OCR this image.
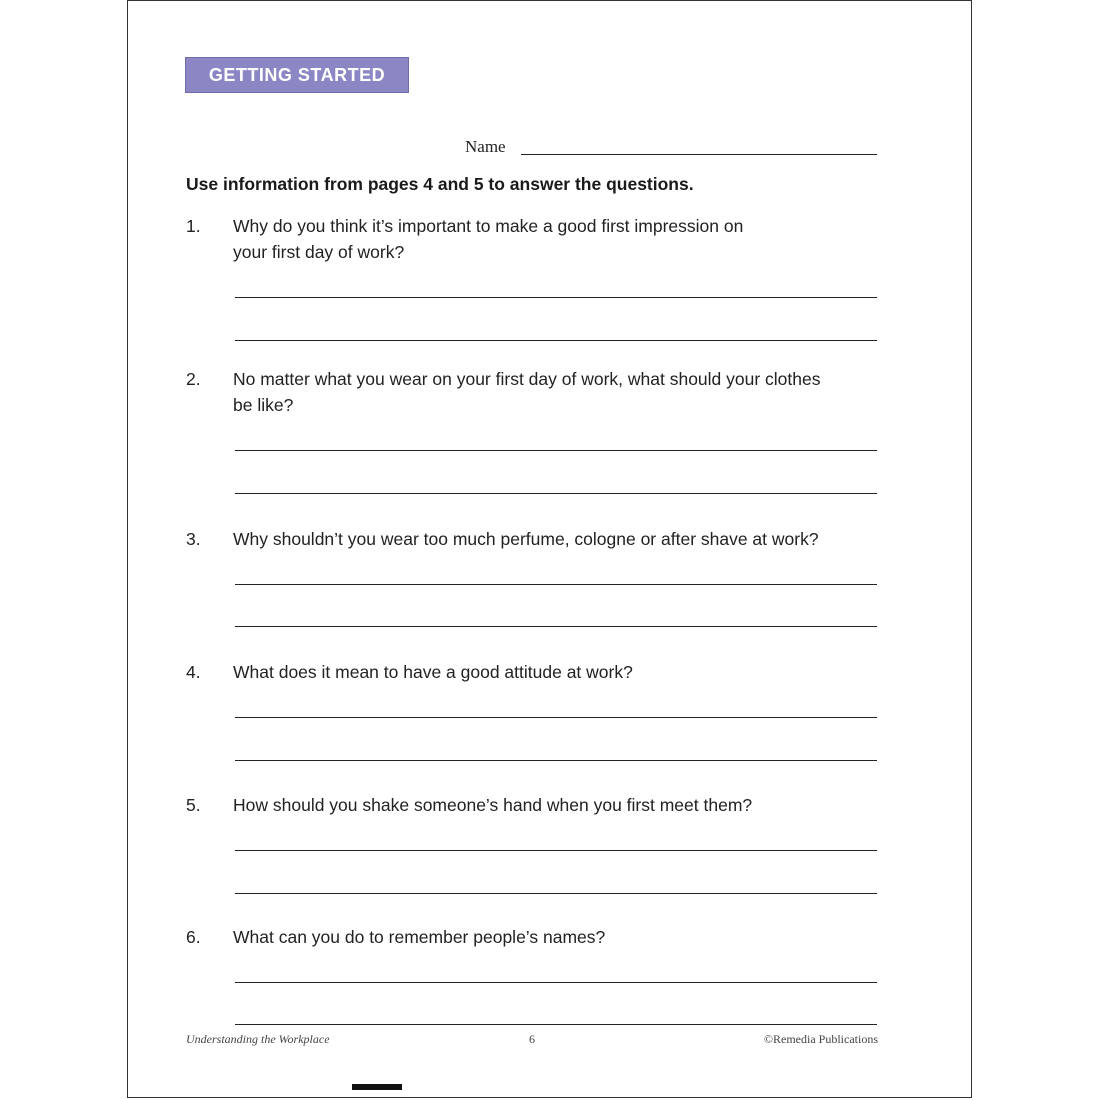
GETTING STARTED
Name
Use information from pages 4 and 5 to answer the questions.
1. Why do you think it’s important to make a good first impression on
your first day of work?
2. No matter what you wear on your first day of work, what should your clothes
be like?
3. Why shouldn’t you wear too much perfume, cologne or after shave at work?
4. What does it mean to have a good attitude at work?
5. How should you shake someone’s hand when you first meet them?
6. What can you do to remember people’s names?
Understanding the Workplace	6	©Remedia Publications
